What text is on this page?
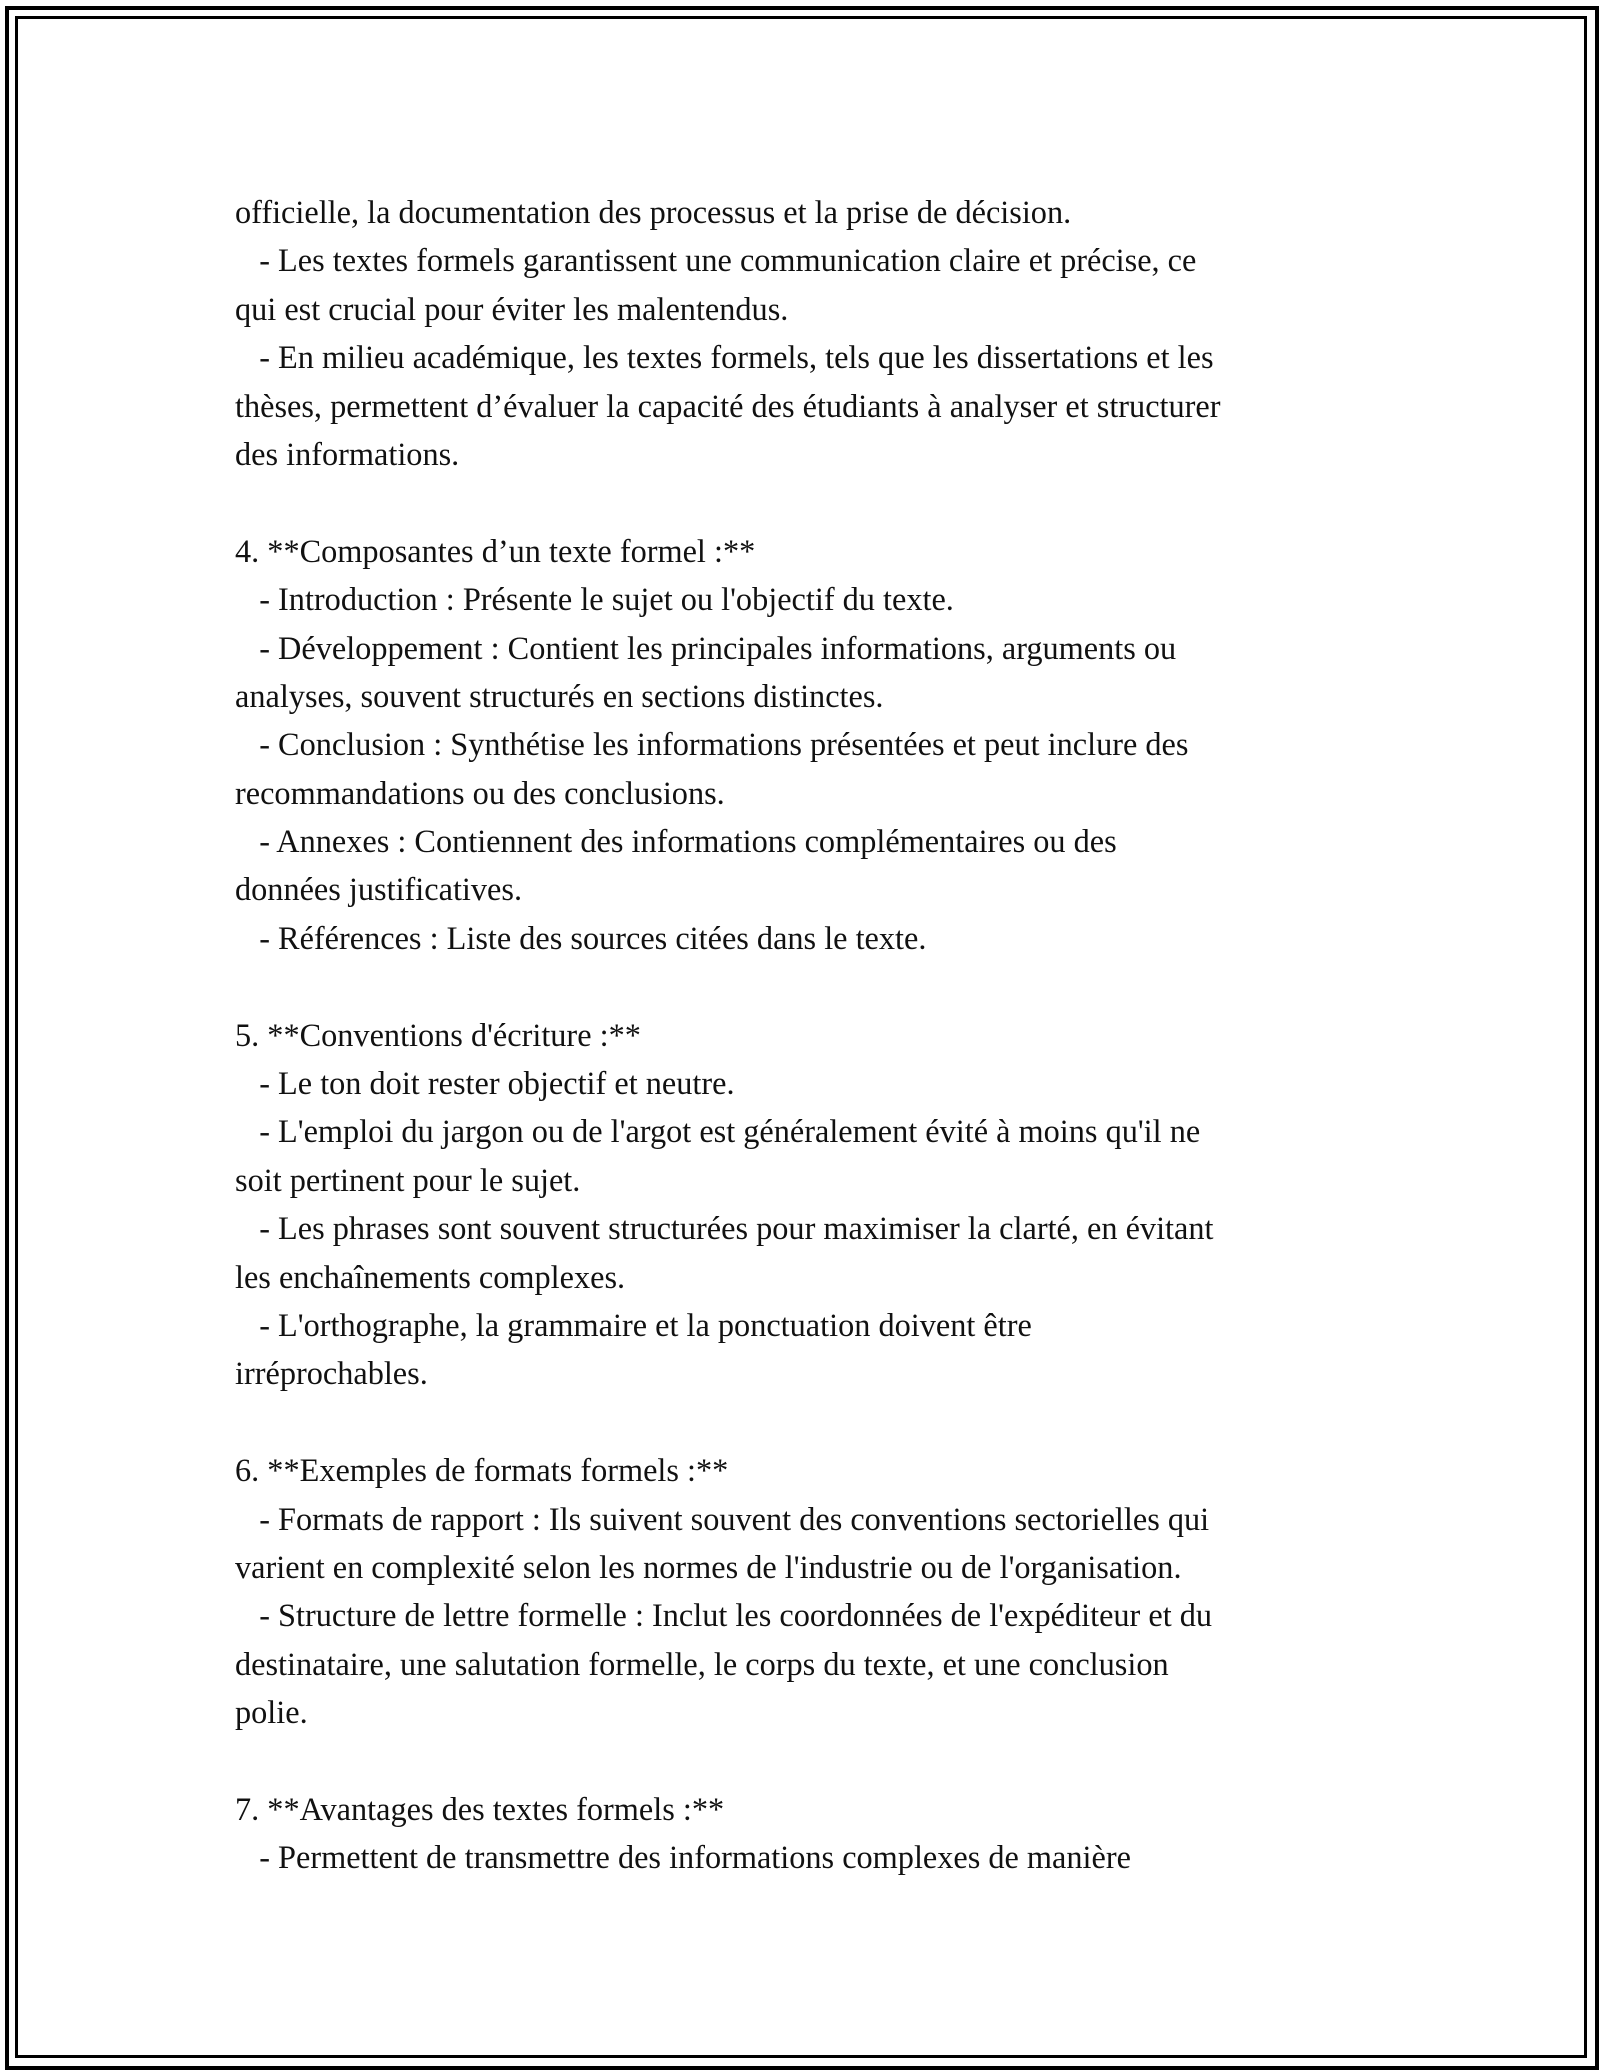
officielle, la documentation des processus et la prise de décision.
- Les textes formels garantissent une communication claire et précise, ce
qui est crucial pour éviter les malentendus.
- En milieu académique, les textes formels, tels que les dissertations et les
thèses, permettent d’évaluer la capacité des étudiants à analyser et structurer
des informations.
4. **Composantes d’un texte formel :**
- Introduction : Présente le sujet ou l'objectif du texte.
- Développement : Contient les principales informations, arguments ou
analyses, souvent structurés en sections distinctes.
- Conclusion : Synthétise les informations présentées et peut inclure des
recommandations ou des conclusions.
- Annexes : Contiennent des informations complémentaires ou des
données justificatives.
- Références : Liste des sources citées dans le texte.
5. **Conventions d'écriture :**
- Le ton doit rester objectif et neutre.
- L'emploi du jargon ou de l'argot est généralement évité à moins qu'il ne
soit pertinent pour le sujet.
- Les phrases sont souvent structurées pour maximiser la clarté, en évitant
les enchaînements complexes.
- L'orthographe, la grammaire et la ponctuation doivent être
irréprochables.
6. **Exemples de formats formels :**
- Formats de rapport : Ils suivent souvent des conventions sectorielles qui
varient en complexité selon les normes de l'industrie ou de l'organisation.
- Structure de lettre formelle : Inclut les coordonnées de l'expéditeur et du
destinataire, une salutation formelle, le corps du texte, et une conclusion
polie.
7. **Avantages des textes formels :**
- Permettent de transmettre des informations complexes de manière
